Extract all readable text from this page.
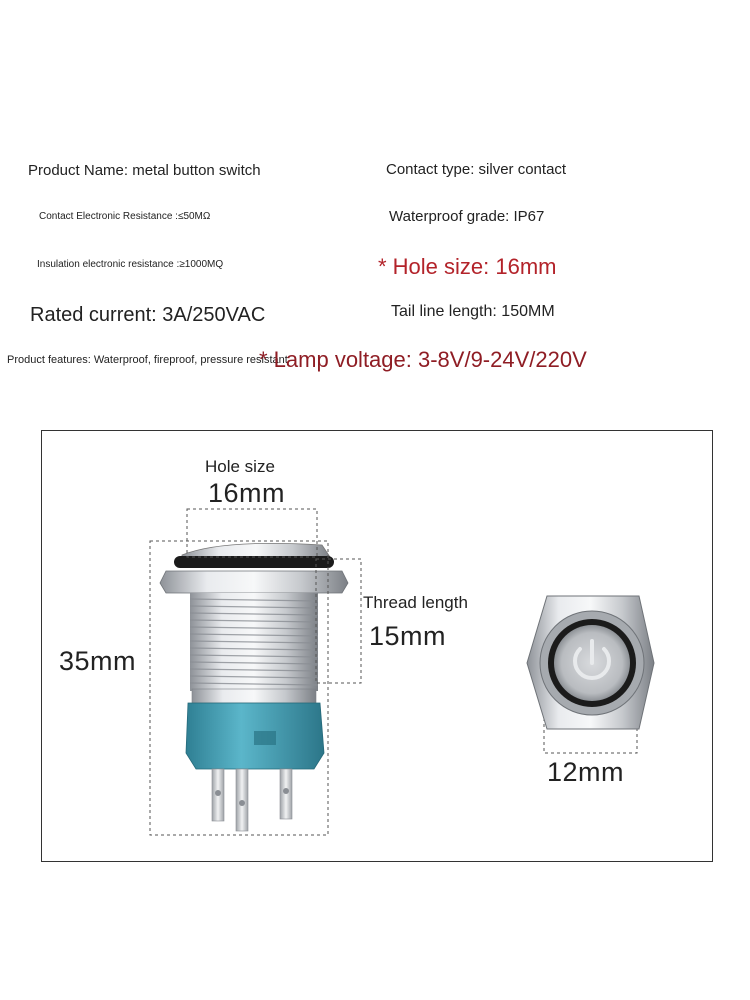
Product Name: metal button switch	Contact type: silver contact
Contact Electronic Resistance :≤50MΩ	Waterproof grade: IP67
Insulation electronic resistance :≥1000MQ	* Hole size: 16mm
Rated current: 3A/250VAC	Tail line length: 150MM
Product features: Waterproof, fireproof, pressure resistant
* Lamp voltage: 3-8V/9-24V/220V
Hole size
16mm
35mm
Thread length
15mm
12mm
